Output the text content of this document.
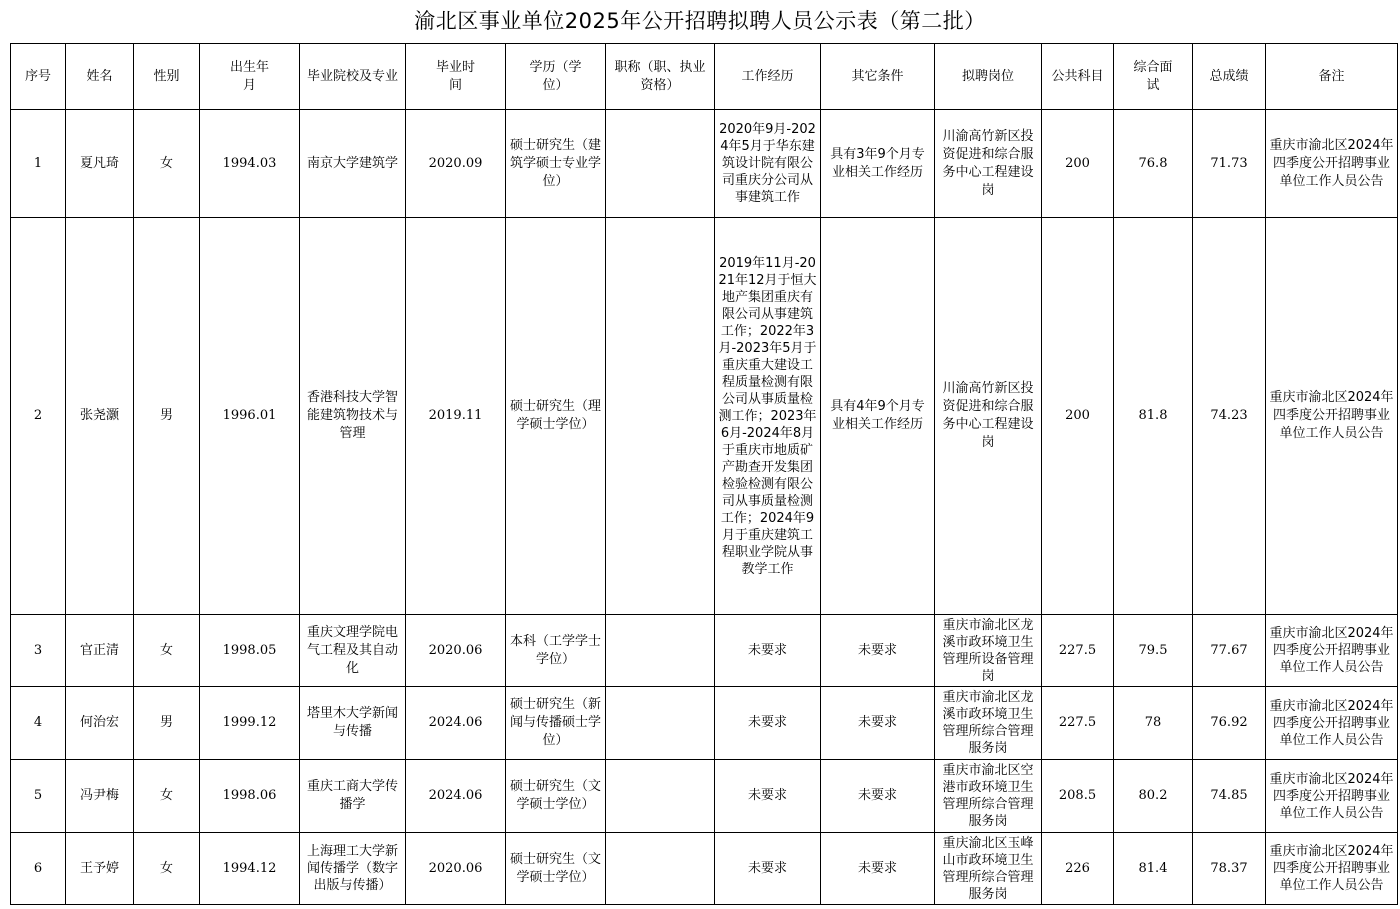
渝北区事业单位2025年公开招聘拟聘人员公示表（第二批）
序号	姓名	性别	出生年月	毕业院校及专业	毕业时间	学历（学位）	职称（职、执业资格）	工作经历	其它条件	拟聘岗位	公共科目	综合面试	总成绩	备注
1	夏凡琦	女	1994.03	南京大学建筑学	2020.09	硕士研究生（建筑学硕士专业学位）		2020年9月-2024年5月于华东建筑设计院有限公司重庆分公司从事建筑工作	具有3年9个月专业相关工作经历	川渝高竹新区投资促进和综合服务中心工程建设岗	200	76.8	71.73	重庆市渝北区2024年四季度公开招聘事业单位工作人员公告
2	张尧灏	男	1996.01	香港科技大学智能建筑物技术与管理	2019.11	硕士研究生（理学硕士学位）		2019年11月-2021年12月于恒大地产集团重庆有限公司从事建筑工作；2022年3月-2023年5月于重庆重大建设工程质量检测有限公司从事质量检测工作；2023年6月-2024年8月于重庆市地质矿产勘查开发集团检验检测有限公司从事质量检测工作；2024年9月于重庆建筑工程职业学院从事教学工作	具有4年9个月专业相关工作经历	川渝高竹新区投资促进和综合服务中心工程建设岗	200	81.8	74.23	重庆市渝北区2024年四季度公开招聘事业单位工作人员公告
3	官正清	女	1998.05	重庆文理学院电气工程及其自动化	2020.06	本科（工学学士学位）		未要求	未要求	重庆市渝北区龙溪市政环境卫生管理所设备管理岗	227.5	79.5	77.67	重庆市渝北区2024年四季度公开招聘事业单位工作人员公告
4	何治宏	男	1999.12	塔里木大学新闻与传播	2024.06	硕士研究生（新闻与传播硕士学位）		未要求	未要求	重庆市渝北区龙溪市政环境卫生管理所综合管理服务岗	227.5	78	76.92	重庆市渝北区2024年四季度公开招聘事业单位工作人员公告
5	冯尹梅	女	1998.06	重庆工商大学传播学	2024.06	硕士研究生（文学硕士学位）		未要求	未要求	重庆市渝北区空港市政环境卫生管理所综合管理服务岗	208.5	80.2	74.85	重庆市渝北区2024年四季度公开招聘事业单位工作人员公告
6	王予婷	女	1994.12	上海理工大学新闻传播学（数字出版与传播）	2020.06	硕士研究生（文学硕士学位）		未要求	未要求	重庆渝北区玉峰山市政环境卫生管理所综合管理服务岗	226	81.4	78.37	重庆市渝北区2024年四季度公开招聘事业单位工作人员公告
